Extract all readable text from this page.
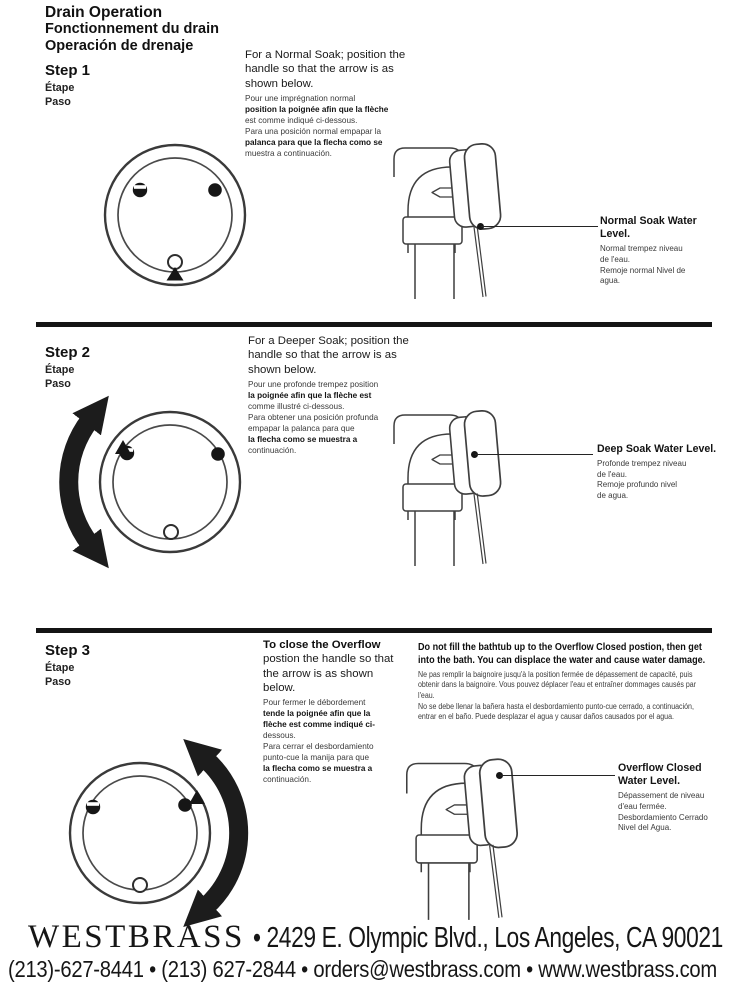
Drain Operation
Fonctionnement du drain
Operación de drenaje
Step 1
Étape
Paso

For a Normal Soak; position the handle so that the arrow is as shown below.

Pour une imprégnation normal
position la poignée afin que la flèche
est comme indiqué ci-dessous.
Para una posición normal empapar la
palanca para que la flecha como se
muestra a continuación.

Normal Soak Water Level.

Normal trempez niveau
de l'eau.
Remoje normal Nivel de
agua.
Step 2
Étape
Paso

For a Deeper Soak; position the handle so that the arrow is as shown below.

Pour une profonde trempez position
la poignée afin que la flèche est
comme illustré ci-dessous.
Para obtener una posición profunda
empapar la palanca para que
la flecha como se muestra a
continuación.	Deep Soak Water Level.

Profonde trempez niveau
de l'eau.
Remoje profundo nivel
de agua.
Step 3
Étape
Paso

To close the Overflow postion the handle so that the arrow is as shown below.

Pour fermer le débordement
tende la poignée afin que la
flèche est comme indiqué ci-
dessous.
Para cerrar el desbordamiento
punto-cue la manija para que
la flecha como se muestra a
continuación.
Do not fill the bathtub up to the Overflow Closed postion, then get
into the bath. You can displace the water and cause water damage.
Ne pas remplir la baignoire jusqu'à la position fermée de dépassement de capacité, puis
obtenir dans la baignoire. Vous pouvez déplacer l'eau et entraîner dommages causés par
l'eau.
No se debe llenar la bañera hasta el desbordamiento punto-cue cerrado, a continuación,
entrar en el baño. Puede desplazar el agua y causar daños causados por el agua.

Overflow Closed
Water Level.

Dépassement de niveau
d'eau fermée.
Desbordamiento Cerrado
Nivel del Agua.
WESTBRASS • 2429 E. Olympic Blvd., Los Angeles, CA 90021
(213)-627-8441 • (213) 627-2844 • orders@westbrass.com • www.westbrass.com
